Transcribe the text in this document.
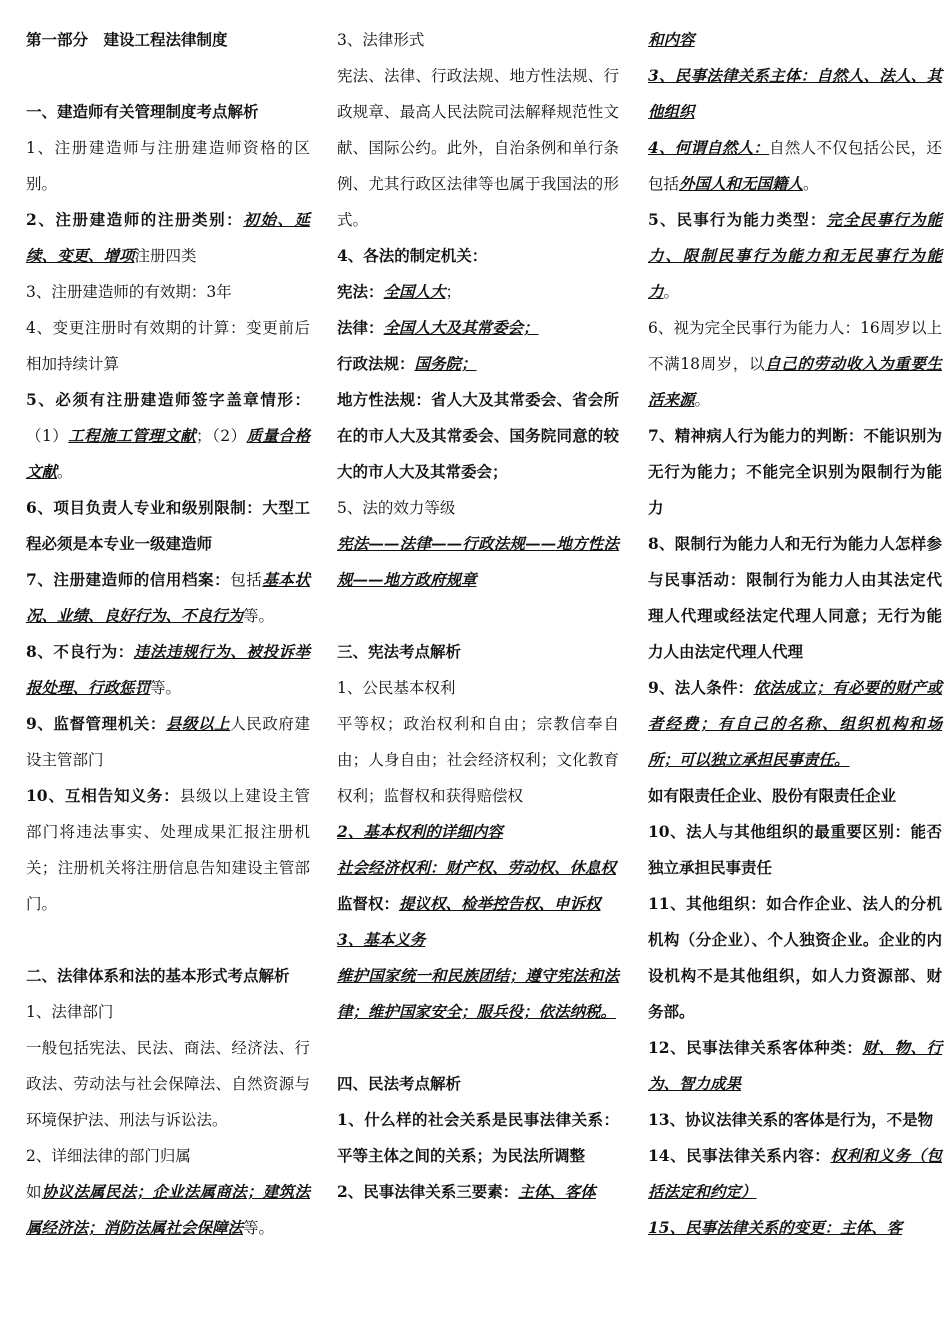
第一部分　建设工程法律制度

一、建造师有关管理制度考点解析

1、注册建造师与注册建造师资格的区别。

2、注册建造师的注册类别：初始、延续、变更、增项注册四类

3、注册建造师的有效期：3年

4、变更注册时有效期的计算：变更前后相加持续计算

5、必须有注册建造师签字盖章情形：（1）工程施工管理文献；（2）质量合格文献。

6、项目负责人专业和级别限制：大型工程必须是本专业一级建造师

7、注册建造师的信用档案：包括基本状况、业绩、良好行为、不良行为等。

8、不良行为：违法违规行为、被投诉举报处理、行政惩罚等。

9、监督管理机关：县级以上人民政府建设主管部门

10、互相告知义务：县级以上建设主管部门将违法事实、处理成果汇报注册机关；注册机关将注册信息告知建设主管部门。

二、法律体系和法的基本形式考点解析

1、法律部门

一般包括宪法、民法、商法、经济法、行政法、劳动法与社会保障法、自然资源与环境保护法、刑法与诉讼法。

2、详细法律的部门归属

如协议法属民法；企业法属商法；建筑法属经济法；消防法属社会保障法等。

3、法律形式

宪法、法律、行政法规、地方性法规、行政规章、最高人民法院司法解释规范性文献、国际公约。此外，自治条例和单行条例、尤其行政区法律等也属于我国法的形式。

4、各法的制定机关：

宪法：全国人大；

法律：全国人大及其常委会；

行政法规：国务院；

地方性法规：省人大及其常委会、省会所在的市人大及其常委会、国务院同意的较大的市人大及其常委会；

5、法的效力等级

宪法——法律——行政法规——地方性法规——地方政府规章

三、宪法考点解析

1、公民基本权利

平等权；政治权利和自由；宗教信奉自由；人身自由；社会经济权利；文化教育权利；监督权和获得赔偿权

2、基本权利的详细内容

社会经济权利：财产权、劳动权、休息权

监督权：提议权、检举控告权、申诉权

3、基本义务

维护国家统一和民族团结；遵守宪法和法律；维护国家安全；服兵役；依法纳税。

四、民法考点解析

1、什么样的社会关系是民事法律关系：平等主体之间的关系；为民法所调整

2、民事法律关系三要素：主体、客体

和内容

3、民事法律关系主体：自然人、法人、其他组织

4、何谓自然人：自然人不仅包括公民，还包括外国人和无国籍人。

5、民事行为能力类型：完全民事行为能力、限制民事行为能力和无民事行为能力。

6、视为完全民事行为能力人：16周岁以上不满18周岁，以自己的劳动收入为重要生活来源。

7、精神病人行为能力的判断：不能识别为无行为能力；不能完全识别为限制行为能力

8、限制行为能力人和无行为能力人怎样参与民事活动：限制行为能力人由其法定代理人代理或经法定代理人同意；无行为能力人由法定代理人代理

9、法人条件：依法成立；有必要的财产或者经费；有自己的名称、组织机构和场所；可以独立承担民事责任。

如有限责任企业、股份有限责任企业

10、法人与其他组织的最重要区别：能否独立承担民事责任

11、其他组织：如合作企业、法人的分机机构（分企业）、个人独资企业。企业的内设机构不是其他组织，如人力资源部、财务部。

12、民事法律关系客体种类：财、物、行为、智力成果

13、协议法律关系的客体是行为，不是物

14、民事法律关系内容：权利和义务（包括法定和约定）

15、民事法律关系的变更：主体、客
